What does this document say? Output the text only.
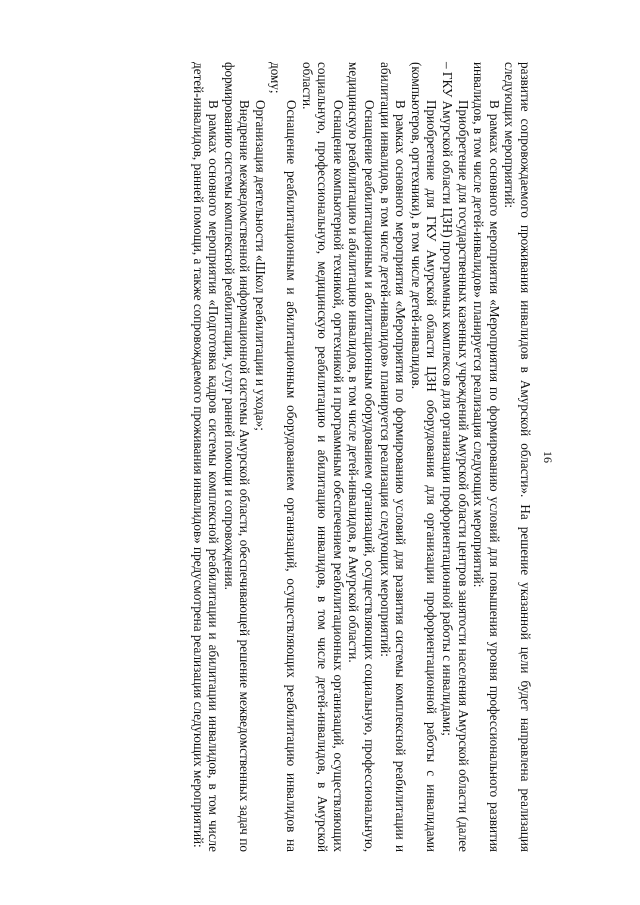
16

развитие сопровождаемого проживания инвалидов в Амурской области». На решение указанной цели будет направлена реализация следующих мероприятий:

В рамках основного мероприятия «Мероприятия по формированию условий для повышения уровня профессионального развития инвалидов, в том числе детей-инвалидов» планируется реализация следующих мероприятий:

Приобретение для государственных казенных учреждений Амурской области центров занятости населения Амурской области (далее – ГКУ Амурской области ЦЗН) программных комплексов для организации профориентационной работы с инвалидами;

Приобретение для ГКУ Амурской области ЦЗН оборудования для организации профориентационной работы с инвалидами (компьютеров, оргтехники), в том числе детей-инвалидов.

В рамках основного мероприятия «Мероприятия по формированию условий для развития системы комплексной реабилитации и абилитации инвалидов, в том числе детей-инвалидов» планируется реализация следующих мероприятий:

Оснащение реабилитационным и абилитационным оборудованием организаций, осуществляющих социальную, профессиональную, медицинскую реабилитацию и абилитацию инвалидов, в том числе детей-инвалидов, в Амурской области.

Оснащение компьютерной техникой, оргтехникой и программным обеспечением реабилитационных организаций, осуществляющих социальную, профессиональную, медицинскую реабилитацию и абилитацию инвалидов, в том числе детей-инвалидов, в Амурской области.

Оснащение реабилитационным и абилитационным оборудованием организаций, осуществляющих реабилитацию инвалидов на дому;

Организация деятельности «Школ реабилитации и ухода»;

Внедрение межведомственной информационной системы Амурской области, обеспечивающей решение межведомственных задач по формированию системы комплексной реабилитации, услуг ранней помощи и сопровождения.

В рамках основного мероприятия «Подготовка кадров системы комплексной реабилитации и абилитации инвалидов, в том числе детей-инвалидов, ранней помощи, а также сопровождаемого проживания инвалидов» предусмотрена реализация следующих мероприятий:
